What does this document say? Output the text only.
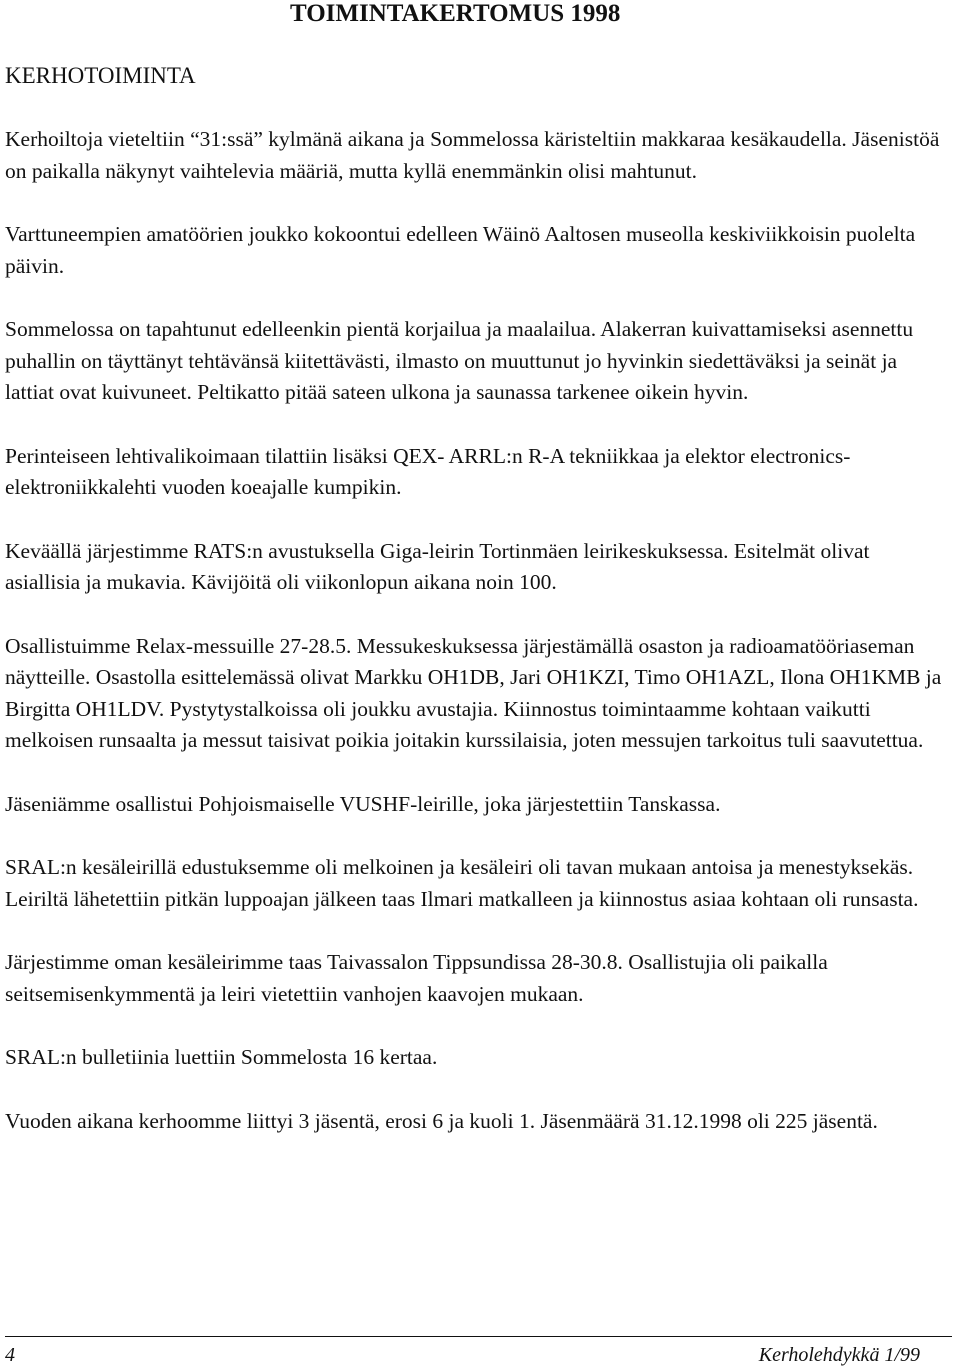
TOIMINTAKERTOMUS 1998
KERHOTOIMINTA

Kerhoiltoja vieteltiin “31:ssä” kylmänä aikana ja Sommelossa käristeltiin makkaraa kesäkaudella. Jäsenistöä on paikalla näkynyt vaihtelevia määriä, mutta kyllä enemmänkin olisi mahtunut.

Varttuneempien amatöörien joukko kokoontui edelleen Wäinö Aaltosen museolla keskiviikkoisin puolelta päivin.

Sommelossa on tapahtunut edelleenkin pientä korjailua ja maalailua. Alakerran kuivattamiseksi asennettu puhallin on täyttänyt tehtävänsä kiitettävästi, ilmasto on muuttunut jo hyvinkin siedettäväksi ja seinät ja lattiat ovat kuivuneet. Peltikatto pitää sateen ulkona ja saunassa tarkenee oikein hyvin.

Perinteiseen lehtivalikoimaan tilattiin lisäksi QEX- ARRL:n R-A tekniikkaa ja elektor electronics- elektroniikkalehti vuoden koeajalle kumpikin.

Keväällä järjestimme RATS:n avustuksella Giga-leirin Tortinmäen leirikeskuksessa. Esitelmät olivat asiallisia ja mukavia. Kävijöitä oli viikonlopun aikana noin 100.

Osallistuimme Relax-messuille 27-28.5. Messukeskuksessa järjestämällä osaston ja radioamatööriaseman näytteille. Osastolla esittelemässä olivat Markku OH1DB, Jari OH1KZI, Timo OH1AZL, Ilona OH1KMB ja Birgitta OH1LDV. Pystytystalkoissa oli joukku avustajia. Kiinnostus toimintaamme kohtaan vaikutti melkoisen runsaalta ja messut taisivat poikia joitakin kurssilaisia, joten messujen tarkoitus tuli saavutettua.

Jäseniämme osallistui Pohjoismaiselle VUSHF-leirille, joka järjestettiin Tanskassa.

SRAL:n kesäleirillä edustuksemme oli melkoinen ja kesäleiri oli tavan mukaan antoisa ja menestyksekäs. Leiriltä lähetettiin pitkän luppoajan jälkeen taas Ilmari matkalleen ja kiinnostus asiaa kohtaan oli runsasta.

Järjestimme oman kesäleirimme taas Taivassalon Tippsundissa 28-30.8. Osallistujia oli paikalla seitsemisenkymmentä ja leiri vietettiin vanhojen kaavojen mukaan.

SRAL:n bulletiinia luettiin Sommelosta 16 kertaa.

Vuoden aikana kerhoomme liittyi 3 jäsentä, erosi 6 ja kuoli 1. Jäsenmäärä 31.12.1998 oli 225 jäsentä.

4	Kerholehdykkä 1/99
